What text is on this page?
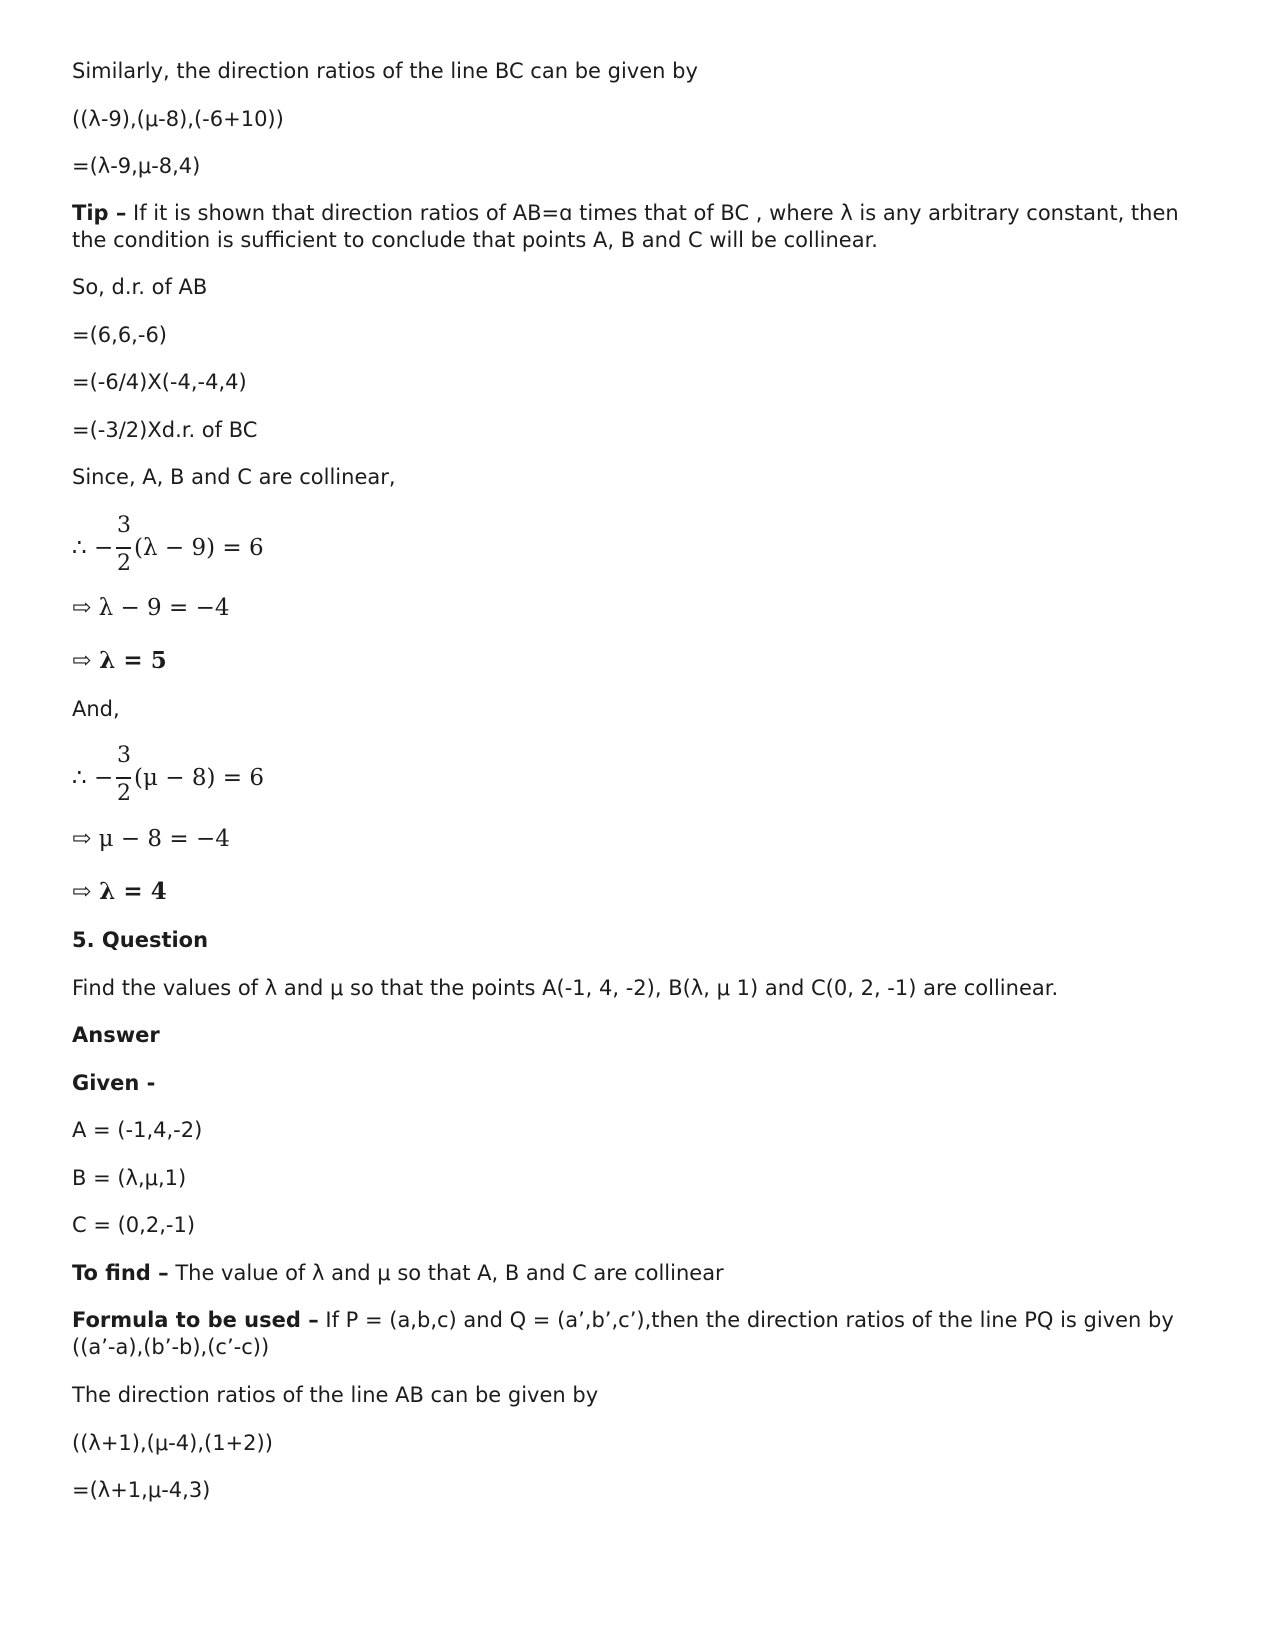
Similarly, the direction ratios of the line BC can be given by
((λ-9),(μ-8),(-6+10))
=(λ-9,μ-8,4)
Tip – If it is shown that direction ratios of AB=ɑ times that of BC , where λ is any arbitrary constant, then the condition is sufficient to conclude that points A, B and C will be collinear.
So, d.r. of AB
=(6,6,-6)
=(-6/4)X(-4,-4,4)
=(-3/2)Xd.r. of BC
Since, A, B and C are collinear,
∴ −
3
2
(λ − 9) = 6
⇨ λ − 9 = −4
⇨ λ = 5
And,
∴ −
3
2
(μ − 8) = 6
⇨ μ − 8 = −4
⇨ λ = 4
5. Question
Find the values of λ and μ so that the points A(-1, 4, -2), B(λ, μ 1) and C(0, 2, -1) are collinear.
Answer
Given -
A = (-1,4,-2)
B = (λ,μ,1)
C = (0,2,-1)
To find – The value of λ and μ so that A, B and C are collinear
Formula to be used – If P = (a,b,c) and Q = (a’,b’,c’),then the direction ratios of the line PQ is given by ((a’-a),(b’-b),(c’-c))
The direction ratios of the line AB can be given by
((λ+1),(μ-4),(1+2))
=(λ+1,μ-4,3)
